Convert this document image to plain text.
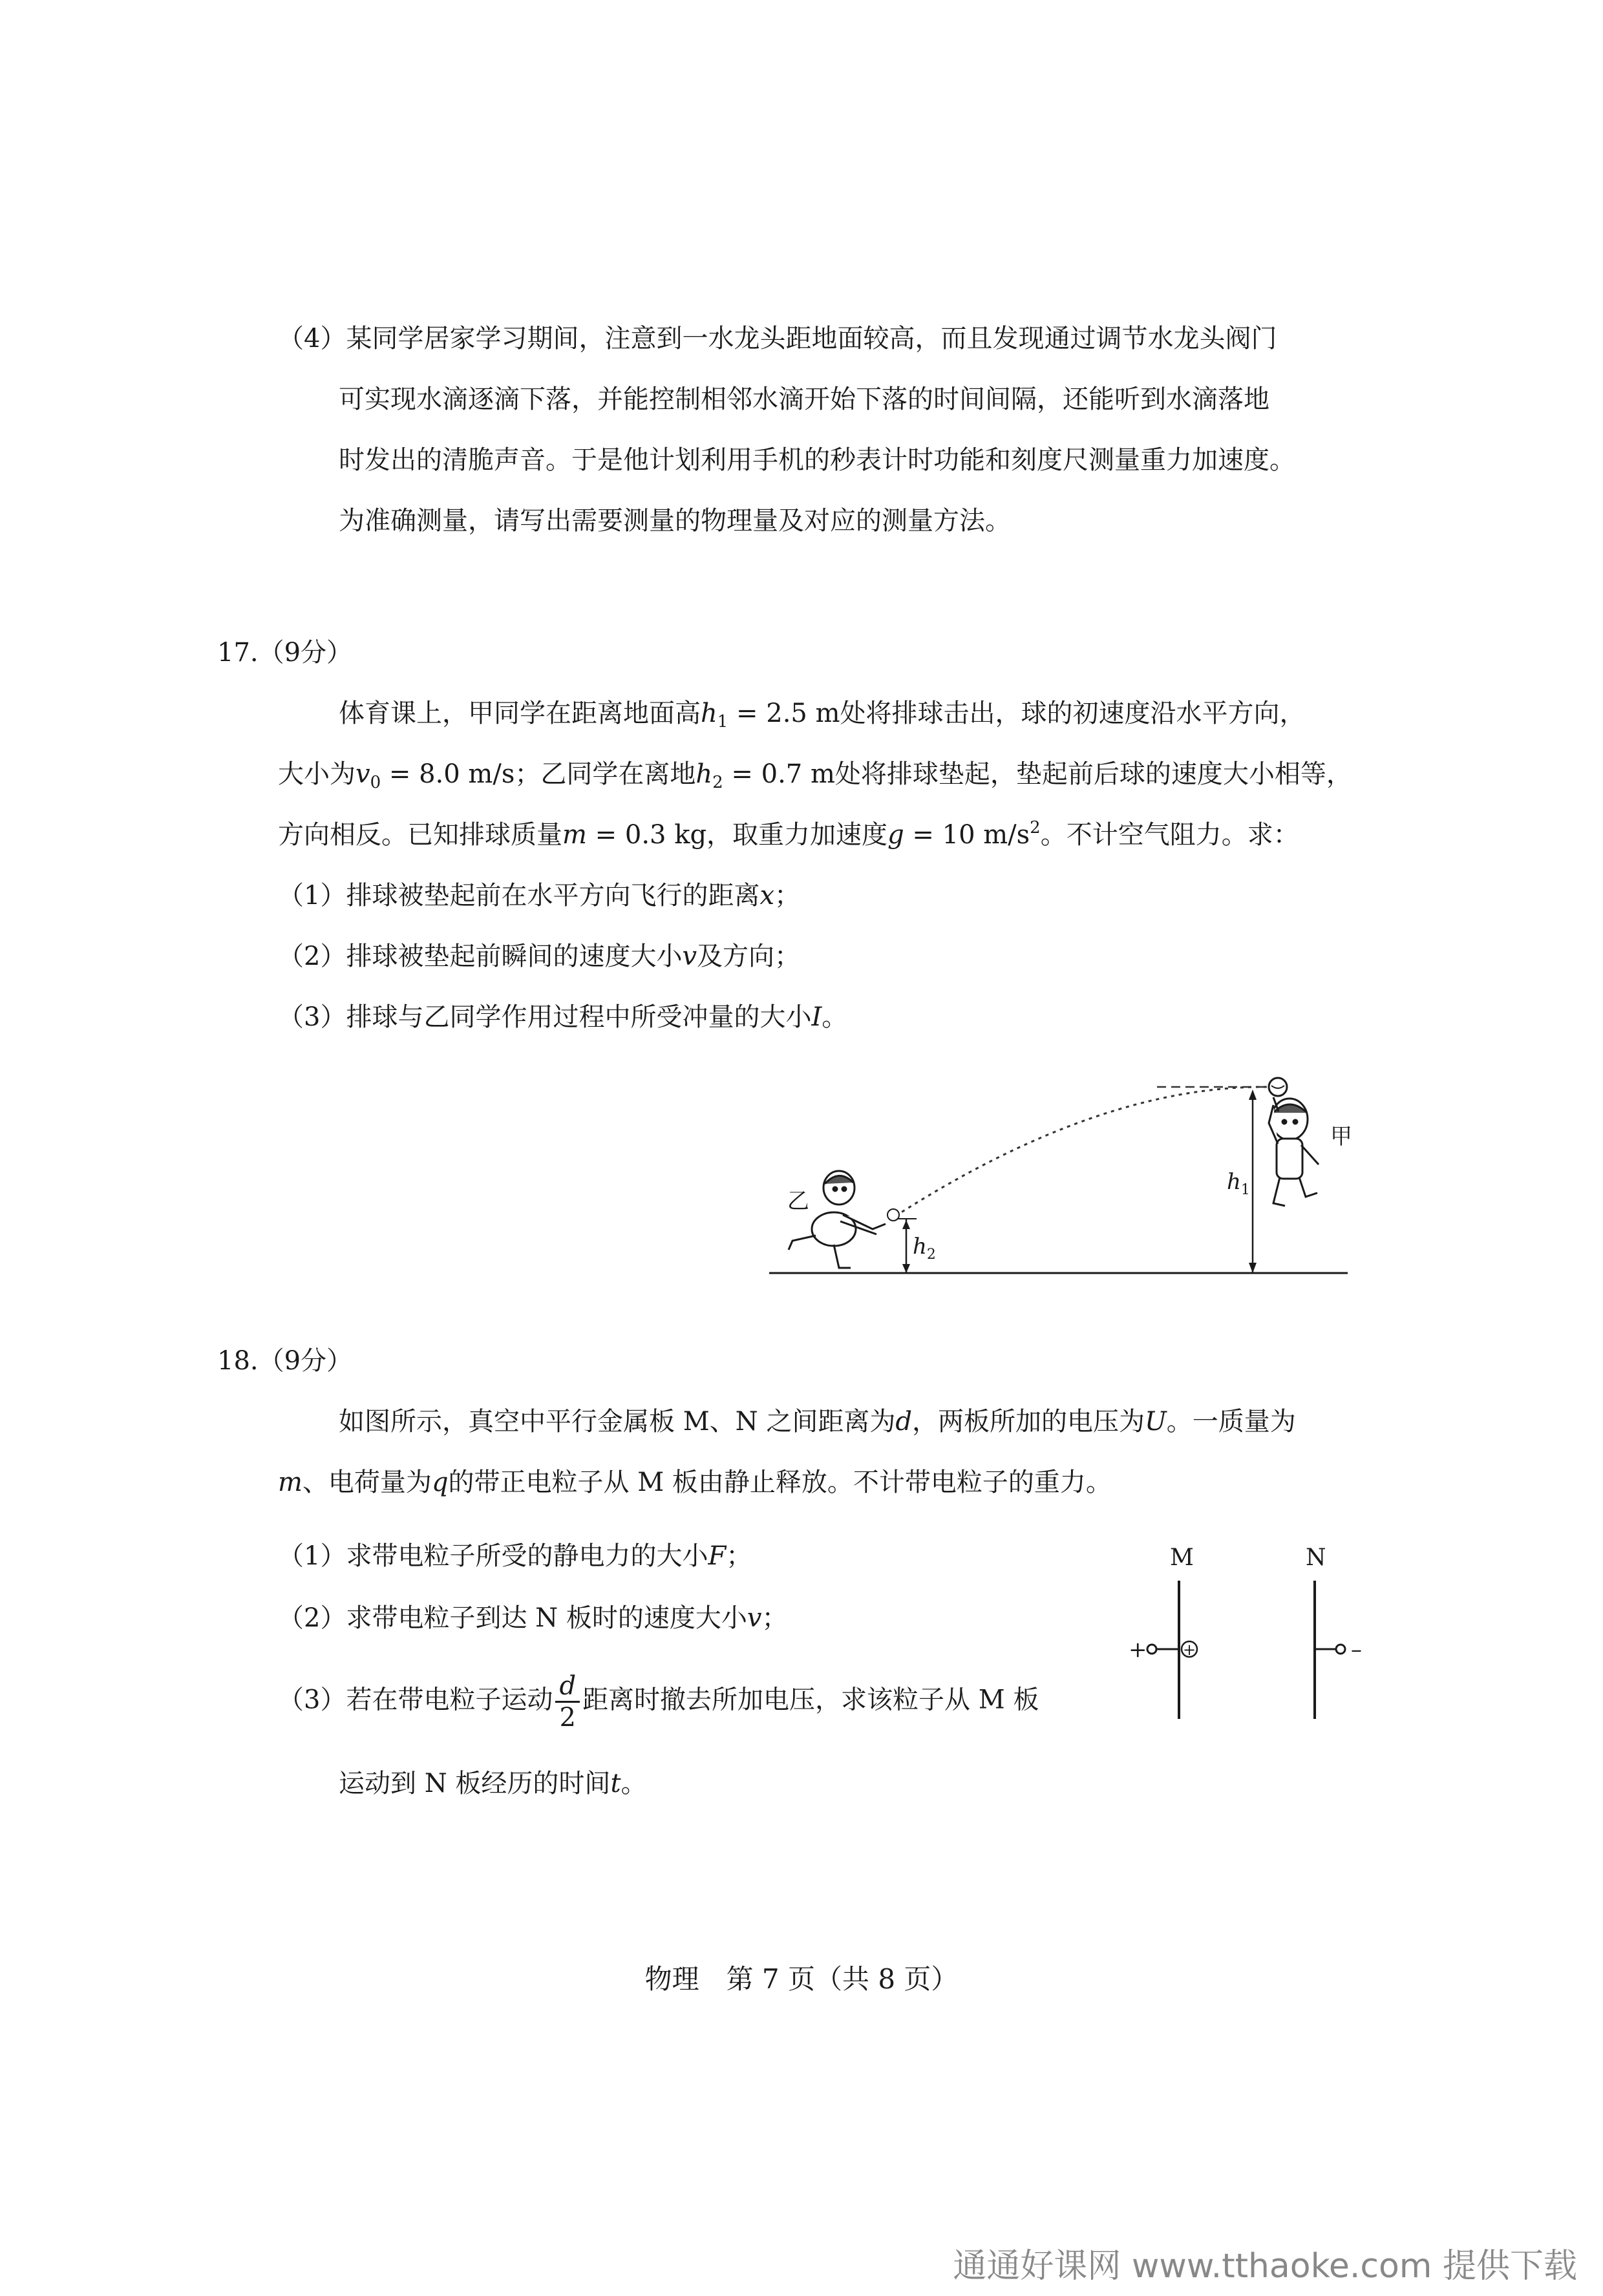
（4）某同学居家学习期间，注意到一水龙头距地面较高，而且发现通过调节水龙头阀门
可实现水滴逐滴下落，并能控制相邻水滴开始下落的时间间隔，还能听到水滴落地
时发出的清脆声音。于是他计划利用手机的秒表计时功能和刻度尺测量重力加速度。
为准确测量，请写出需要测量的物理量及对应的测量方法。
17.（9分）
体育课上，甲同学在距离地面高$h_1 = 2.5$ m处将排球击出，球的初速度沿水平方向，
大小为$v_0 = 8.0$ m/s；乙同学在离地$h_2 = 0.7$ m处将排球垫起，垫起前后球的速度大小相等，
方向相反。已知排球质量m = 0.3 kg，取重力加速度g = 10 $m/s^2$。不计空气阻力。求：
（1）排球被垫起前在水平方向飞行的距离x；
（2）排球被垫起前瞬间的速度大小v及方向；
（3）排球与乙同学作用过程中所受冲量的大小I。
$h_1$
$h_2$
甲
乙
18.（9分）
如图所示，真空中平行金属板 M、N 之间距离为d，两板所加的电压为U。一质量为
m、电荷量为q的带正电粒子从 M 板由静止释放。不计带电粒子的重力。
（1）求带电粒子所受的静电力的大小F；
（2）求带电粒子到达 N 板时的速度大小v；
（3）若在带电粒子运动 $\frac{d}{2}$ 距离时撤去所加电压，求该粒子从 M 板
运动到 N 板经历的时间t。
M	N
+ +	–
物理　第 7 页（共 8 页）
通通好课网 www.tthaoke.com 提供下载
